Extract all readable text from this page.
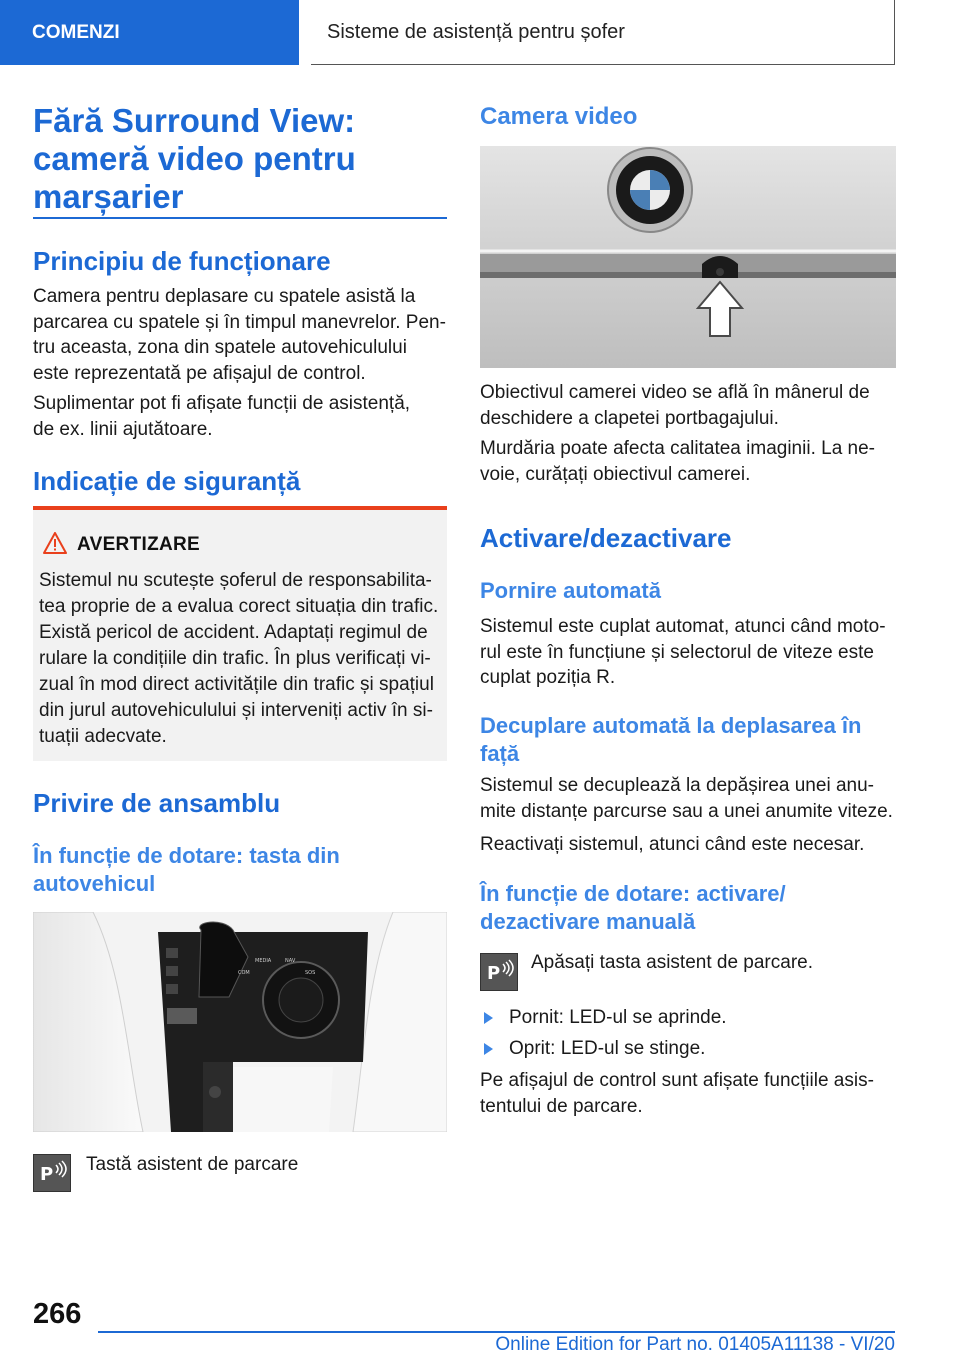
COMENZI	Sisteme de asistență pentru șofer
Fără Surround View: cameră video pentru marșarier
Principiu de funcționare

Camera pentru deplasare cu spatele asistă la parcarea cu spatele și în timpul manevrelor. Pen-tru aceasta, zona din spatele autovehiculului este reprezentată pe afișajul de control.

Suplimentar pot fi afișate funcții de asistență, de ex. linii ajutătoare.

Indicație de siguranță
AVERTIZARE
Sistemul nu scutește șoferul de responsabilita-tea proprie de a evalua corect situația din trafic. Există pericol de accident. Adaptați regimul de rulare la condițiile din trafic. În plus verificați vi-zual în mod direct activitățile din trafic și spațiul din jurul autovehiculului și interveniți activ în si-tuații adecvate.
Privire de ansamblu
În funcție de dotare: tasta din autovehicul
MEDIA	NAV
COM	SOS
P Tastă asistent de parcare

Camera video

Obiectivul camerei video se află în mânerul de deschidere a clapetei portbagajului.

Murdăria poate afecta calitatea imaginii. La ne-voie, curățați obiectivul camerei.

Activare/dezactivare
Pornire automată

Sistemul este cuplat automat, atunci când moto-rul este în funcțiune și selectorul de viteze este cuplat poziția R.

Decuplare automată la deplasarea în față

Sistemul se decuplează la depășirea unei anu-mite distanțe parcurse sau a unei anumite viteze.

Reactivați sistemul, atunci când este necesar.

În funcție de dotare: activare/ dezactivare manuală
P

Apăsați tasta asistent de parcare.

Pornit: LED-ul se aprinde.
Oprit: LED-ul se stinge.

Pe afișajul de control sunt afișate funcțiile asis-tentului de parcare.

266
Online Edition for Part no. 01405A11138 - VI/20
